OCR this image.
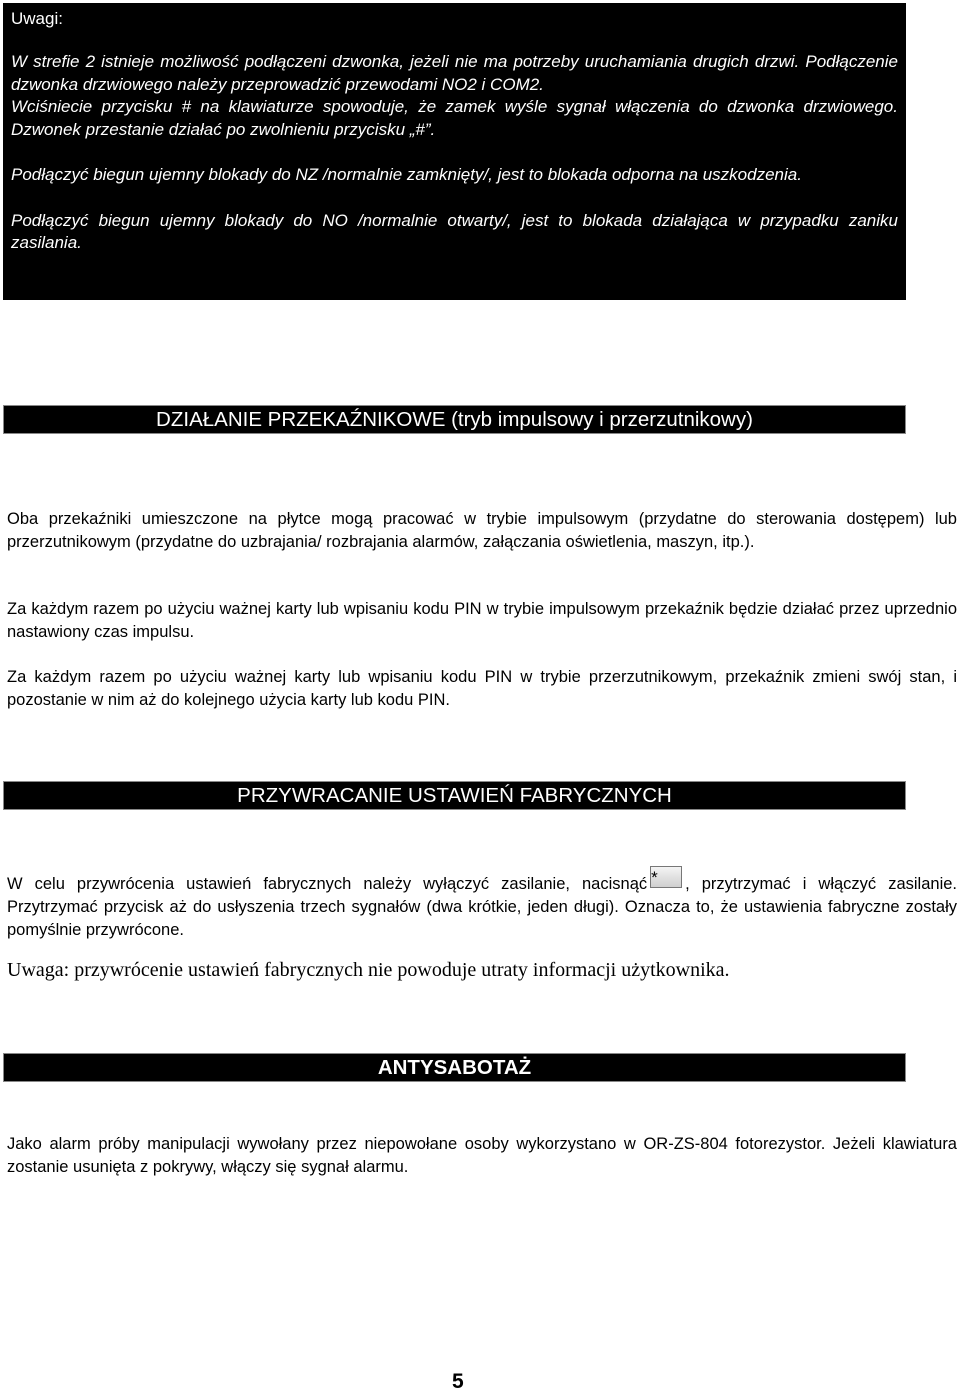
Uwagi:

W strefie 2 istnieje możliwość podłączeni dzwonka, jeżeli nie ma potrzeby uruchamiania drugich drzwi. Podłączenie dzwonka drzwiowego należy przeprowadzić przewodami NO2 i COM2.

Wciśniecie przycisku # na klawiaturze spowoduje, że zamek wyśle sygnał włączenia do dzwonka drzwiowego. Dzwonek przestanie działać po zwolnieniu przycisku „#”.

Podłączyć biegun ujemny blokady do NZ /normalnie zamknięty/, jest to blokada odporna na uszkodzenia.

Podłączyć biegun ujemny blokady do NO /normalnie otwarty/, jest to blokada działająca w przypadku zaniku zasilania.

DZIAŁANIE PRZEKAŹNIKOWE (tryb impulsowy i przerzutnikowy)

Oba przekaźniki umieszczone na płytce mogą pracować w trybie impulsowym (przydatne do sterowania dostępem) lub przerzutnikowym (przydatne do uzbrajania/ rozbrajania alarmów, załączania oświetlenia, maszyn, itp.).

Za każdym razem po użyciu ważnej karty lub wpisaniu kodu PIN w trybie impulsowym przekaźnik będzie działać przez uprzednio nastawiony czas impulsu.

Za każdym razem po użyciu ważnej karty lub wpisaniu kodu PIN w trybie przerzutnikowym, przekaźnik zmieni swój stan, i pozostanie w nim aż do kolejnego użycia karty lub kodu PIN.

PRZYWRACANIE USTAWIEŃ FABRYCZNYCH

W celu przywrócenia ustawień fabrycznych należy wyłączyć zasilanie, nacisnąć * , przytrzymać i włączyć zasilanie. Przytrzymać przycisk aż do usłyszenia trzech sygnałów (dwa krótkie, jeden długi). Oznacza to, że ustawienia fabryczne zostały pomyślnie przywrócone.

Uwaga: przywrócenie ustawień fabrycznych nie powoduje utraty informacji użytkownika.

ANTYSABOTAŻ

Jako alarm próby manipulacji wywołany przez niepowołane osoby wykorzystano w OR-ZS-804 fotorezystor. Jeżeli klawiatura zostanie usunięta z pokrywy, włączy się sygnał alarmu.

5
